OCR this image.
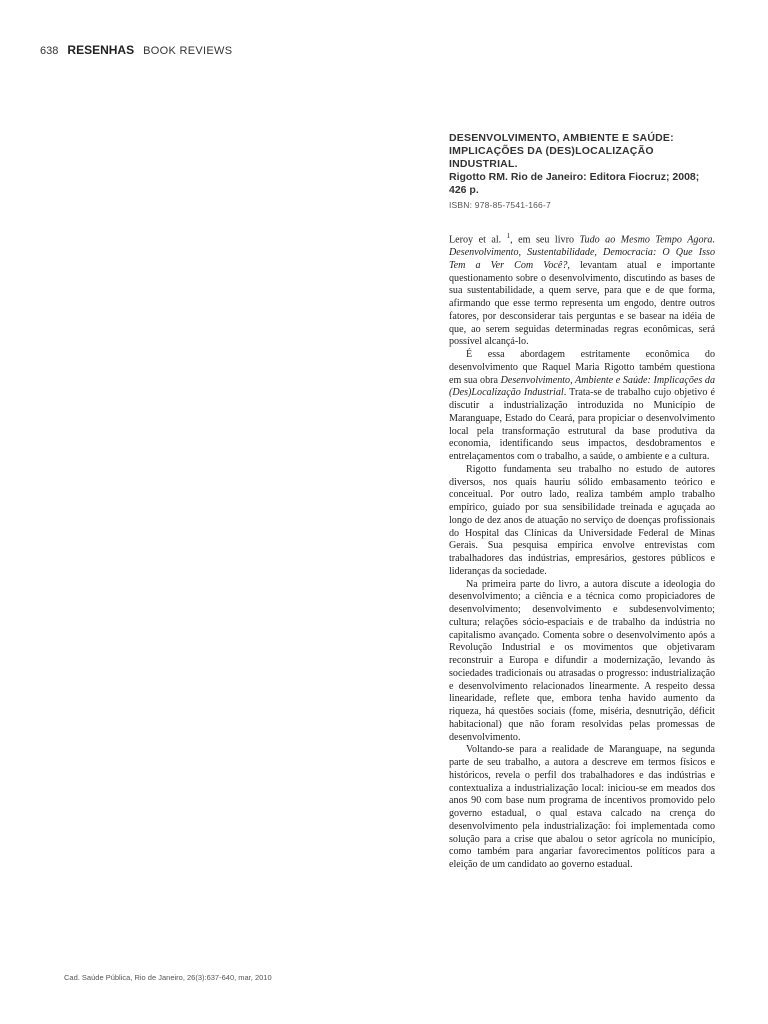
638 RESENHAS BOOK REVIEWS

DESENVOLVIMENTO, AMBIENTE E SAÚDE: IMPLICAÇÕES DA (DES)LOCALIZAÇÃO INDUSTRIAL.

Rigotto RM. Rio de Janeiro: Editora Fiocruz; 2008; 426 p.

ISBN: 978-85-7541-166-7

Leroy et al. $^1$, em seu livro Tudo ao Mesmo Tempo Agora. Desenvolvimento, Sustentabilidade, Democracia: O Que Isso Tem a Ver Com Você?, levantam atual e importante questionamento sobre o desenvolvimento, discutindo as bases de sua sustentabilidade, a quem serve, para que e de que forma, afirmando que esse termo representa um engodo, dentre outros fatores, por desconsiderar tais perguntas e se basear na idéia de que, ao serem seguidas determinadas regras econômicas, será possível alcançá-lo.

É essa abordagem estritamente econômica do desenvolvimento que Raquel Maria Rigotto também questiona em sua obra Desenvolvimento, Ambiente e Saúde: Implicações da (Des)Localização Industrial. Trata-se de trabalho cujo objetivo é discutir a industrialização introduzida no Município de Maranguape, Estado do Ceará, para propiciar o desenvolvimento local pela transformação estrutural da base produtiva da economia, identificando seus impactos, desdobramentos e entrelaçamentos com o trabalho, a saúde, o ambiente e a cultura.

Rigotto fundamenta seu trabalho no estudo de autores diversos, nos quais hauriu sólido embasamento teórico e conceitual. Por outro lado, realiza também amplo trabalho empírico, guiado por sua sensibilidade treinada e aguçada ao longo de dez anos de atuação no serviço de doenças profissionais do Hospital das Clínicas da Universidade Federal de Minas Gerais. Sua pesquisa empírica envolve entrevistas com trabalhadores das indústrias, empresários, gestores públicos e lideranças da sociedade.

Na primeira parte do livro, a autora discute a ideologia do desenvolvimento; a ciência e a técnica como propiciadores de desenvolvimento; desenvolvimento e subdesenvolvimento; cultura; relações sócio-espaciais e de trabalho da indústria no capitalismo avançado. Comenta sobre o desenvolvimento após a Revolução Industrial e os movimentos que objetivaram reconstruir a Europa e difundir a modernização, levando às sociedades tradicionais ou atrasadas o progresso: industrialização e desenvolvimento relacionados linearmente. A respeito dessa linearidade, reflete que, embora tenha havido aumento da riqueza, há questões sociais (fome, miséria, desnutrição, déficit habitacional) que não foram resolvidas pelas promessas de desenvolvimento.

Voltando-se para a realidade de Maranguape, na segunda parte de seu trabalho, a autora a descreve em termos físicos e históricos, revela o perfil dos trabalhadores e das indústrias e contextualiza a industrialização local: iniciou-se em meados dos anos 90 com base num programa de incentivos promovido pelo governo estadual, o qual estava calcado na crença do desenvolvimento pela industrialização: foi implementada como solução para a crise que abalou o setor agrícola no município, como também para angariar favorecimentos políticos para a eleição de um candidato ao governo estadual.

Cad. Saúde Pública, Rio de Janeiro, 26(3):637-640, mar, 2010
